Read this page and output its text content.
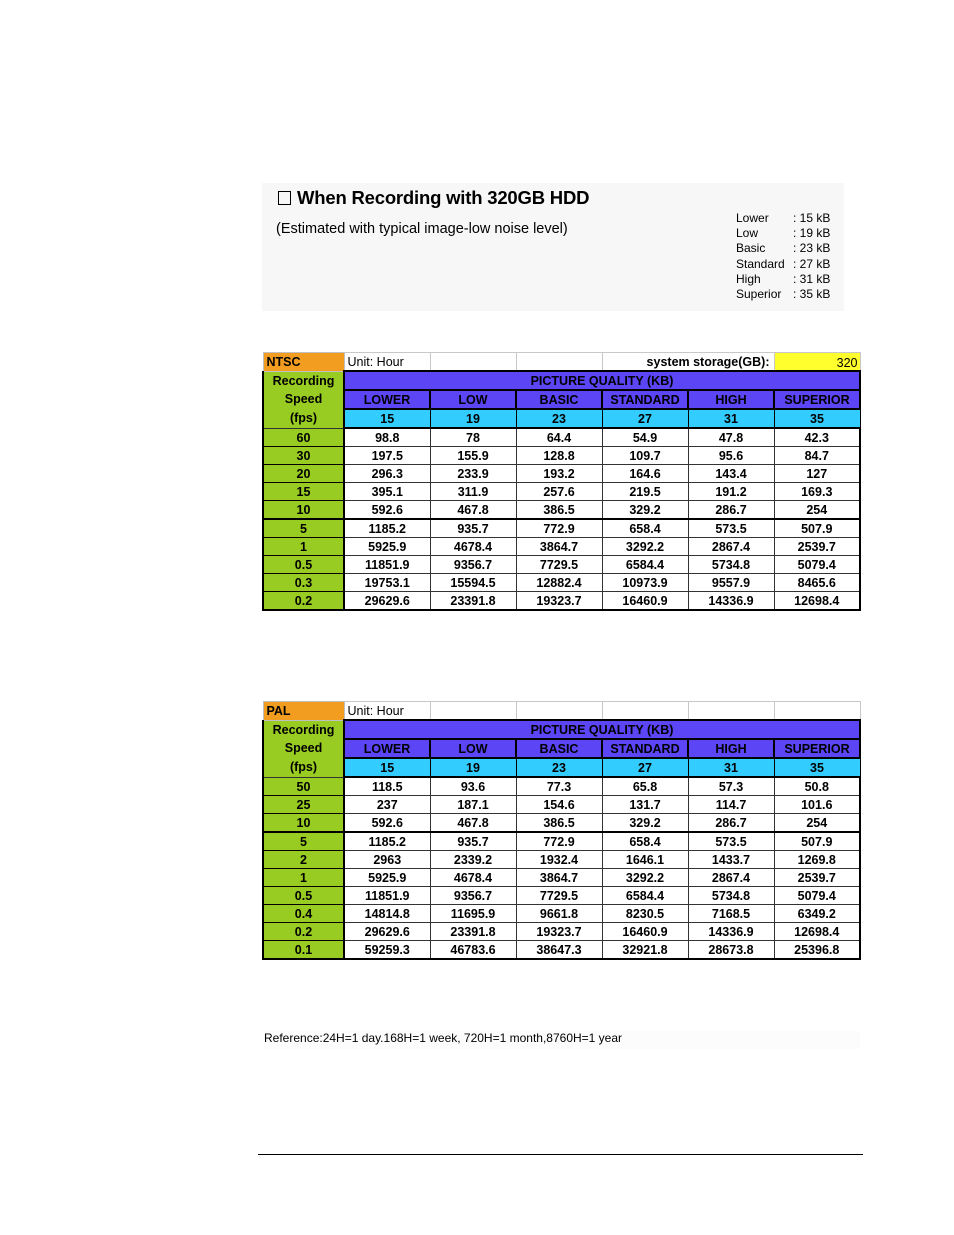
When Recording with 320GB HDD
(Estimated with typical image-low noise level)
Lower	: 15 kB
Low	: 19 kB
Basic	: 23 kB
Standard : 27 kB
High	: 31 kB
Superior : 35 kB
NTSC	Unit: Hour			system storage(GB):		320
Recording
Speed
(fps)	PICTURE QUALITY (KB)					
	LOWER	LOW	BASIC	STANDARD	HIGH	SUPERIOR
	15	19	23	27	31	35
60	98.8	78	64.4	54.9	47.8	42.3
30	197.5	155.9	128.8	109.7	95.6	84.7
20	296.3	233.9	193.2	164.6	143.4	127
15	395.1	311.9	257.6	219.5	191.2	169.3
10	592.6	467.8	386.5	329.2	286.7	254
5	1185.2	935.7	772.9	658.4	573.5	507.9
1	5925.9	4678.4	3864.7	3292.2	2867.4	2539.7
0.5	11851.9	9356.7	7729.5	6584.4	5734.8	5079.4
0.3	19753.1	15594.5	12882.4	10973.9	9557.9	8465.6
0.2	29629.6	23391.8	19323.7	16460.9	14336.9	12698.4
PAL	Unit: Hour					
Recording
Speed
(fps)	PICTURE QUALITY (KB)					
	LOWER	LOW	BASIC	STANDARD	HIGH	SUPERIOR
	15	19	23	27	31	35
50	118.5	93.6	77.3	65.8	57.3	50.8
25	237	187.1	154.6	131.7	114.7	101.6
10	592.6	467.8	386.5	329.2	286.7	254
5	1185.2	935.7	772.9	658.4	573.5	507.9
2	2963	2339.2	1932.4	1646.1	1433.7	1269.8
1	5925.9	4678.4	3864.7	3292.2	2867.4	2539.7
0.5	11851.9	9356.7	7729.5	6584.4	5734.8	5079.4
0.4	14814.8	11695.9	9661.8	8230.5	7168.5	6349.2
0.2	29629.6	23391.8	19323.7	16460.9	14336.9	12698.4
0.1	59259.3	46783.6	38647.3	32921.8	28673.8	25396.8
Reference:24H=1 day.168H=1 week, 720H=1 month,8760H=1 year
